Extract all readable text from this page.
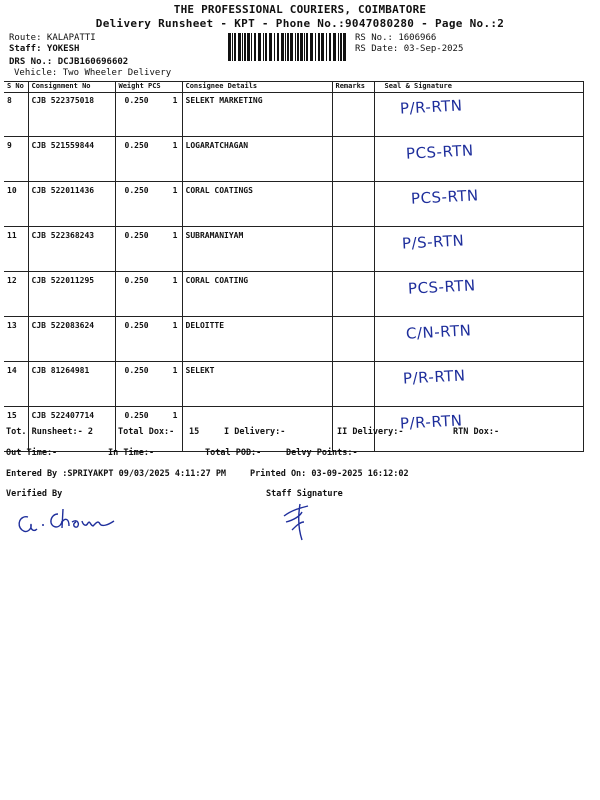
THE PROFESSIONAL COURIERS, COIMBATORE
Delivery Runsheet - KPT - Phone No.:9047080280 - Page No.:2
Route: KALAPATTI
Staff: YOKESH
DRS No.: DCJB160696602
Vehicle: Two Wheeler Delivery
RS No.: 1606966
RS Date: 03-Sep-2025
S No	Consignment No	Weight PCS	Consignee Details	Remarks	Seal & Signature
8	CJB 522375018	0.250 1	SELEKT MARKETING		P/R-RTN
9	CJB 521559844	0.250 1	LOGARATCHAGAN		PCS-RTN
10	CJB 522011436	0.250 1	CORAL COATINGS		PCS-RTN
11	CJB 522368243	0.250 1	SUBRAMANIYAM		P/S-RTN
12	CJB 522011295	0.250 1	CORAL COATING		PCS-RTN
13	CJB 522083624	0.250 1	DELOITTE		C/N-RTN
14	CJB 81264981	0.250 1	SELEKT		P/R-RTN
15	CJB 522407714	0.250 1			P/R-RTN
Tot. Runsheet:- 2	Total Dox:- 15	I Delivery:-	II Delivery:-	RTN Dox:-
Out Time:-	In Time:-	Total POD:-	Delvy Points:-
Entered By :SPRIYAKPT 09/03/2025 4:11:27 PM	Printed On: 03-09-2025 16:12:02
Verified By	Staff Signature
